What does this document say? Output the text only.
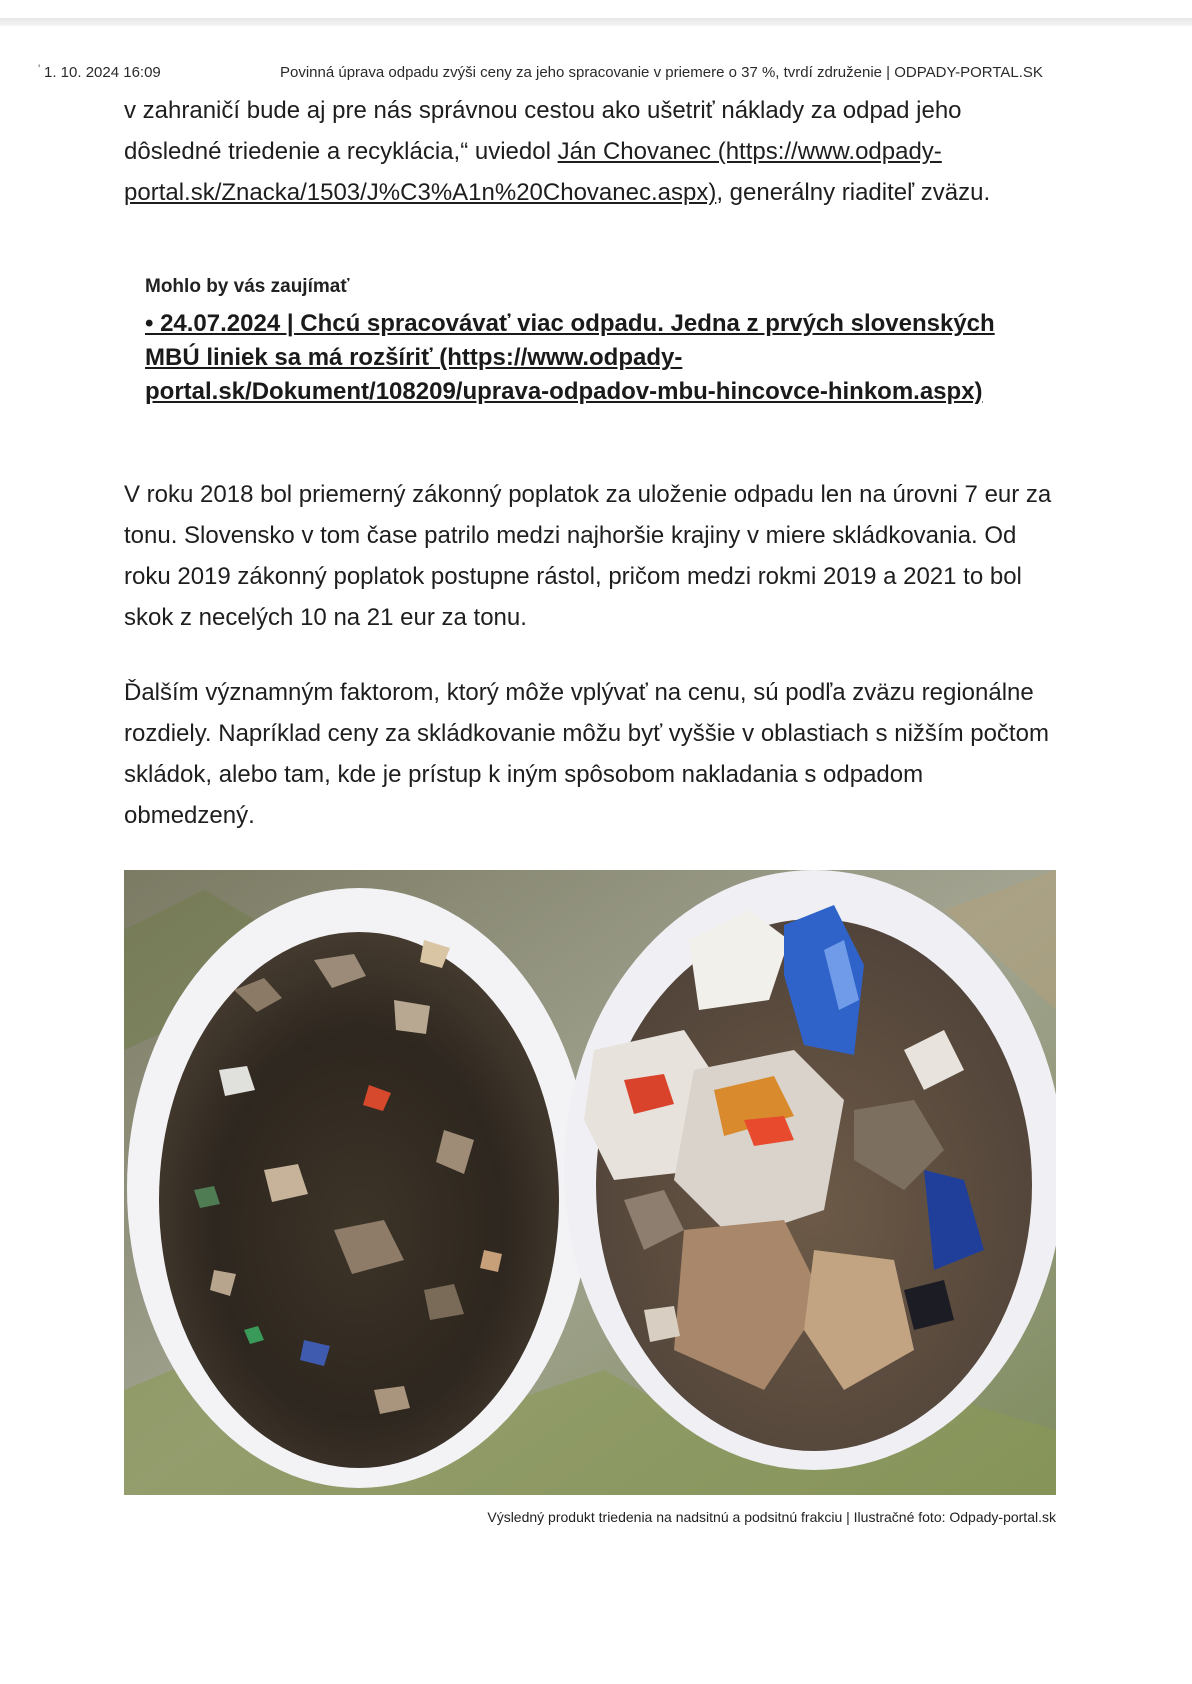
' 1. 10. 2024 16:09	Povinná úprava odpadu zvýši ceny za jeho spracovanie v priemere o 37 %, tvrdí združenie | ODPADY-PORTAL.SK
v zahraničí bude aj pre nás správnou cestou ako ušetriť náklady za odpad jeho dôsledné triedenie a recyklácia,“ uviedol Ján Chovanec (https://www.odpady-portal.sk/Znacka/1503/J%C3%A1n%20Chovanec.aspx), generálny riaditeľ zväzu.
Mohlo by vás zaujímať
• 24.07.2024 | Chcú spracovávať viac odpadu. Jedna z prvých slovenských MBÚ liniek sa má rozšíriť (https://www.odpady-portal.sk/Dokument/108209/uprava-odpadov-mbu-hincovce-hinkom.aspx)
V roku 2018 bol priemerný zákonný poplatok za uloženie odpadu len na úrovni 7 eur za tonu. Slovensko v tom čase patrilo medzi najhoršie krajiny v miere skládkovania. Od roku 2019 zákonný poplatok postupne rástol, pričom medzi rokmi 2019 a 2021 to bol skok z necelých 10 na 21 eur za tonu.
Ďalším významným faktorom, ktorý môže vplývať na cenu, sú podľa zväzu regionálne rozdiely. Napríklad ceny za skládkovanie môžu byť vyššie v oblastiach s nižším počtom skládok, alebo tam, kde je prístup k iným spôsobom nakladania s odpadom obmedzený.
Výsledný produkt triedenia na nadsitnú a podsitnú frakciu | Ilustračné foto: Odpady-portal.sk
